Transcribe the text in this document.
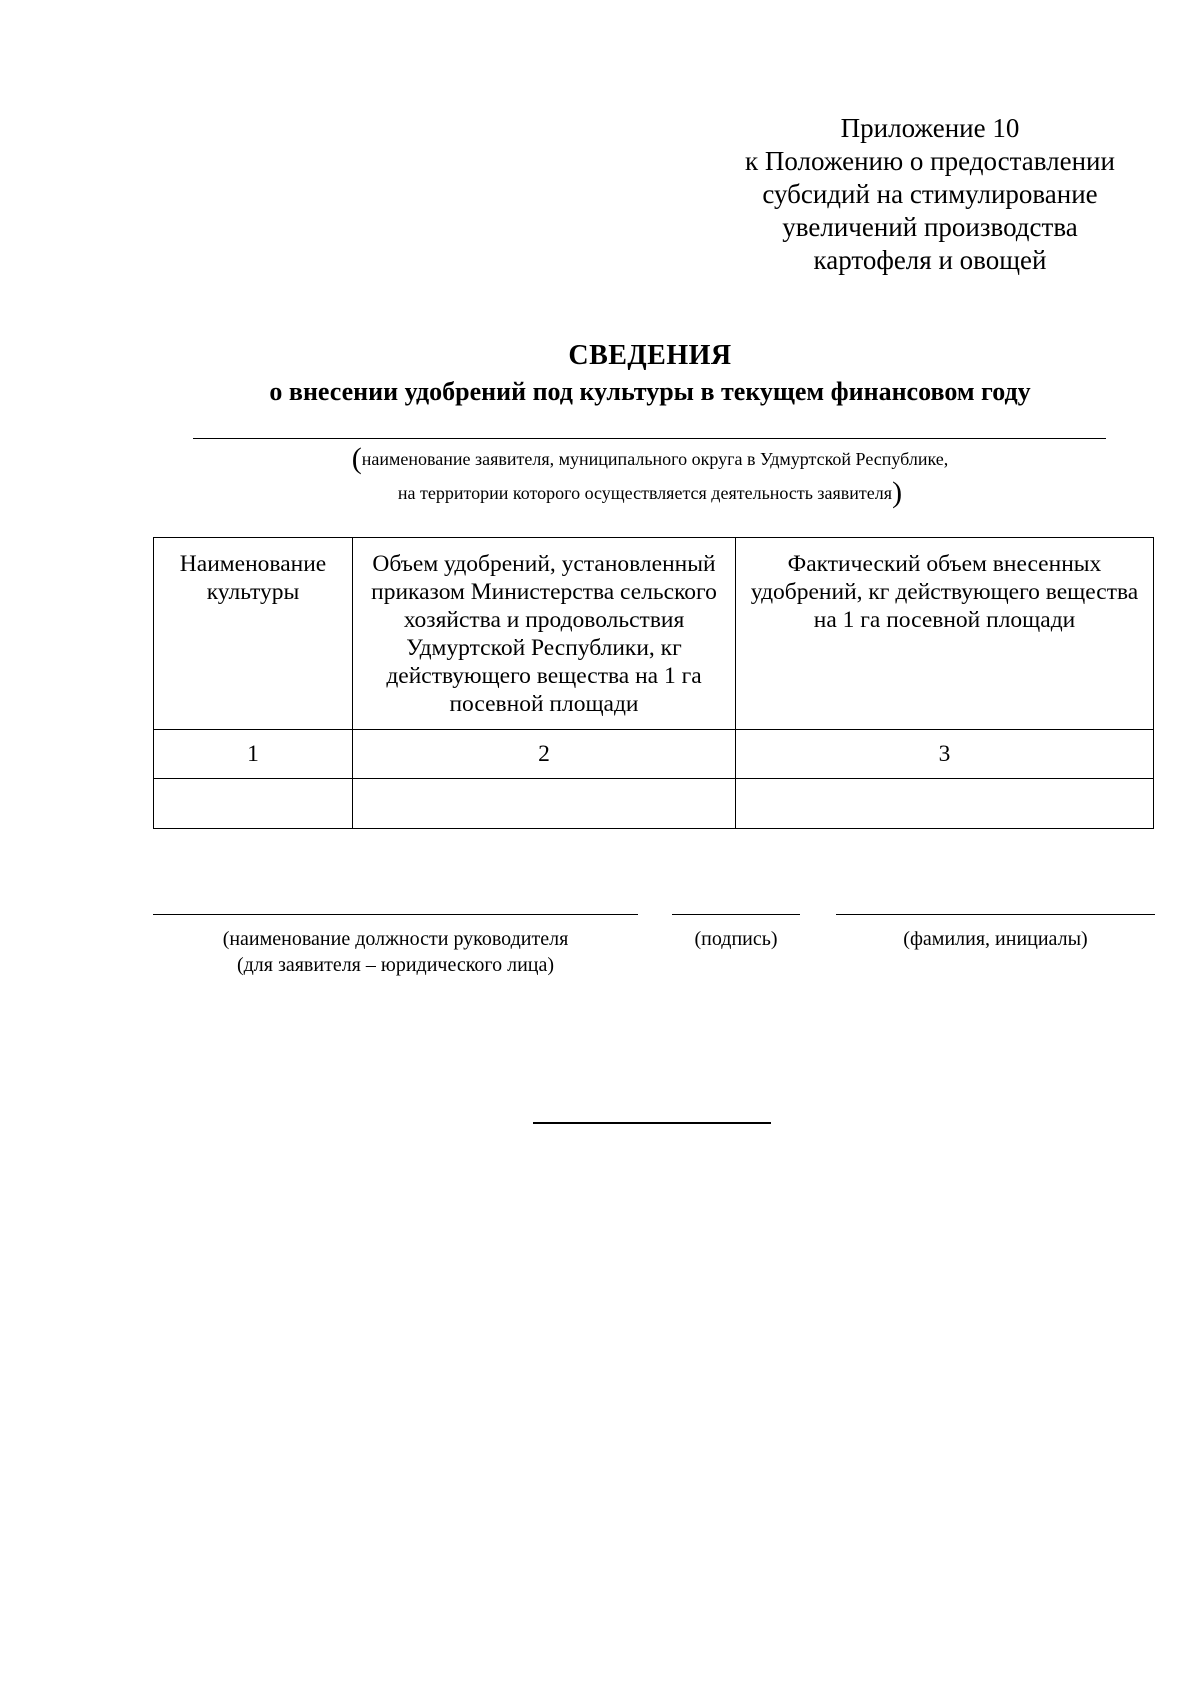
Приложение 10
к Положению о предоставлении
субсидий на стимулирование
увеличений производства
картофеля и овощей
СВЕДЕНИЯ
о внесении удобрений под культуры в текущем финансовом году
(наименование заявителя, муниципального округа в Удмуртской Республике,
на территории которого осуществляется деятельность заявителя)
Наименование культуры	Объем удобрений, установленный приказом Министерства сельского хозяйства и продовольствия Удмуртской Республики, кг действующего вещества на 1 га посевной площади	Фактический объем внесенных удобрений, кг действующего вещества на 1 га посевной площади
1	2	3

(наименование должности руководителя
(для заявителя – юридического лица)
(подпись)	(фамилия, инициалы)
